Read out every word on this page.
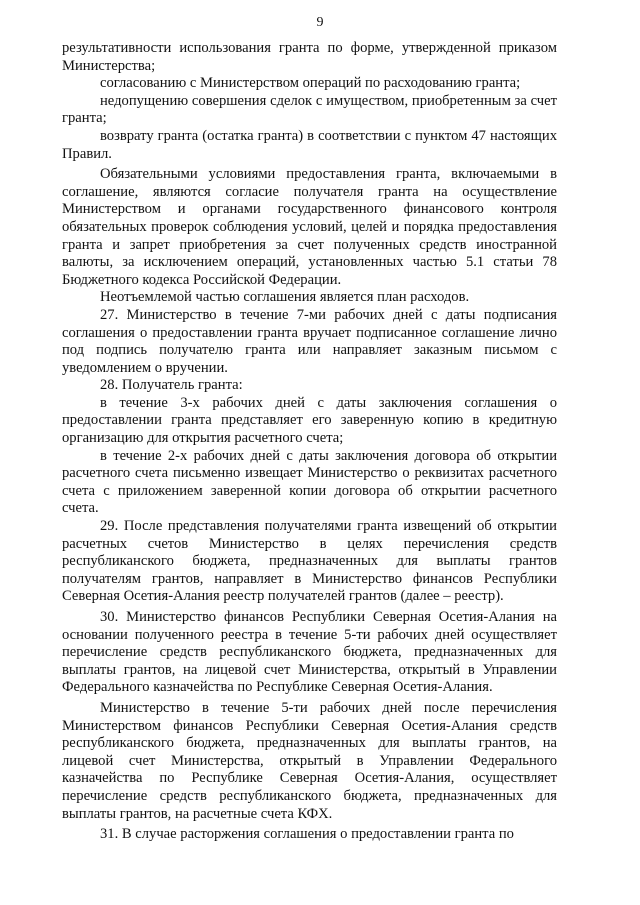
9

результативности использования гранта по форме, утвержденной приказом Министерства;

согласованию с Министерством операций по расходованию гранта;

недопущению совершения сделок с имуществом, приобретенным за счет гранта;

возврату гранта (остатка гранта) в соответствии с пунктом 47 настоящих Правил.

Обязательными условиями предоставления гранта, включаемыми в соглашение, являются согласие получателя гранта на осуществление Министерством и органами государственного финансового контроля обязательных проверок соблюдения условий, целей и порядка предоставления гранта и запрет приобретения за счет полученных средств иностранной валюты, за исключением операций, установленных частью 5.1 статьи 78 Бюджетного кодекса Российской Федерации.

Неотъемлемой частью соглашения является план расходов.

27. Министерство в течение 7-ми рабочих дней с даты подписания соглашения о предоставлении гранта вручает подписанное соглашение лично под подпись получателю гранта или направляет заказным письмом с уведомлением о вручении.

28. Получатель гранта:

в течение 3-х рабочих дней с даты заключения соглашения о предоставлении гранта представляет его заверенную копию в кредитную организацию для открытия расчетного счета;

в течение 2-х рабочих дней с даты заключения договора об открытии расчетного счета письменно извещает Министерство о реквизитах расчетного счета с приложением заверенной копии договора об открытии расчетного счета.

29. После представления получателями гранта извещений об открытии расчетных счетов Министерство в целях перечисления средств республиканского бюджета, предназначенных для выплаты грантов получателям грантов, направляет в Министерство финансов Республики Северная Осетия-Алания реестр получателей грантов (далее – реестр).

30. Министерство финансов Республики Северная Осетия-Алания на основании полученного реестра в течение 5-ти рабочих дней осуществляет перечисление средств республиканского бюджета, предназначенных для выплаты грантов, на лицевой счет Министерства, открытый в Управлении Федерального казначейства по Республике Северная Осетия-Алания.

Министерство в течение 5-ти рабочих дней после перечисления Министерством финансов Республики Северная Осетия-Алания средств республиканского бюджета, предназначенных для выплаты грантов, на лицевой счет Министерства, открытый в Управлении Федерального казначейства по Республике Северная Осетия-Алания, осуществляет перечисление средств республиканского бюджета, предназначенных для выплаты грантов, на расчетные счета КФХ.

31. В случае расторжения соглашения о предоставлении гранта по
